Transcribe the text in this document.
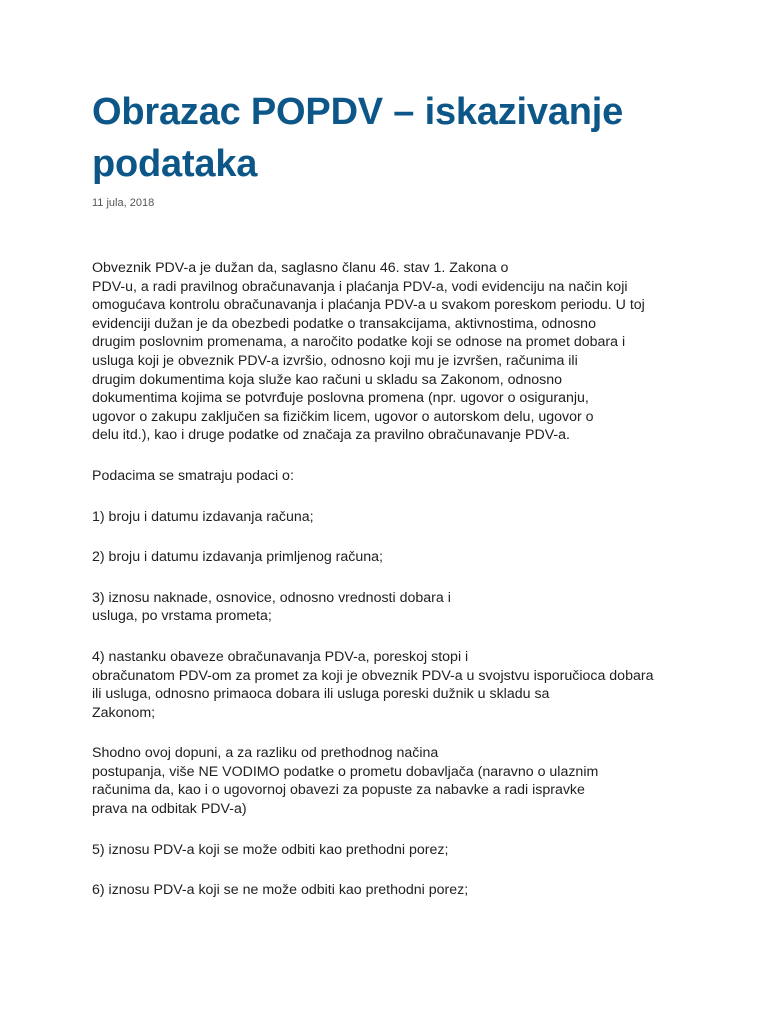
Obrazac POPDV – iskazivanje
podataka
11 jula, 2018

Obveznik PDV-a je dužan da, saglasno članu 46. stav 1. Zakona o
PDV-u, a radi pravilnog obračunavanja i plaćanja PDV-a, vodi evidenciju na način koji
omogućava kontrolu obračunavanja i plaćanja PDV-a u svakom poreskom periodu. U toj
evidenciji dužan je da obezbedi podatke o transakcijama, aktivnostima, odnosno
drugim poslovnim promenama, a naročito podatke koji se odnose na promet dobara i
usluga koji je obveznik PDV-a izvršio, odnosno koji mu je izvršen, računima ili
drugim dokumentima koja služe kao računi u skladu sa Zakonom, odnosno
dokumentima kojima se potvrđuje poslovna promena (npr. ugovor o osiguranju,
ugovor o zakupu zaključen sa fizičkim licem, ugovor o autorskom delu, ugovor o
delu itd.), kao i druge podatke od značaja za pravilno obračunavanje PDV-a.

Podacima se smatraju podaci o:

1) broju i datumu izdavanja računa;

2) broju i datumu izdavanja primljenog računa;

3) iznosu naknade, osnovice, odnosno vrednosti dobara i
usluga, po vrstama prometa;

4) nastanku obaveze obračunavanja PDV-a, poreskoj stopi i
obračunatom PDV-om za promet za koji je obveznik PDV-a u svojstvu isporučioca dobara
ili usluga, odnosno primaoca dobara ili usluga poreski dužnik u skladu sa
Zakonom;

Shodno ovoj dopuni, a za razliku od prethodnog načina
postupanja, više NE VODIMO podatke o prometu dobavljača (naravno o ulaznim
računima da, kao i o ugovornoj obavezi za popuste za nabavke a radi ispravke
prava na odbitak PDV-a)

5) iznosu PDV-a koji se može odbiti kao prethodni porez;

6) iznosu PDV-a koji se ne može odbiti kao prethodni porez;
